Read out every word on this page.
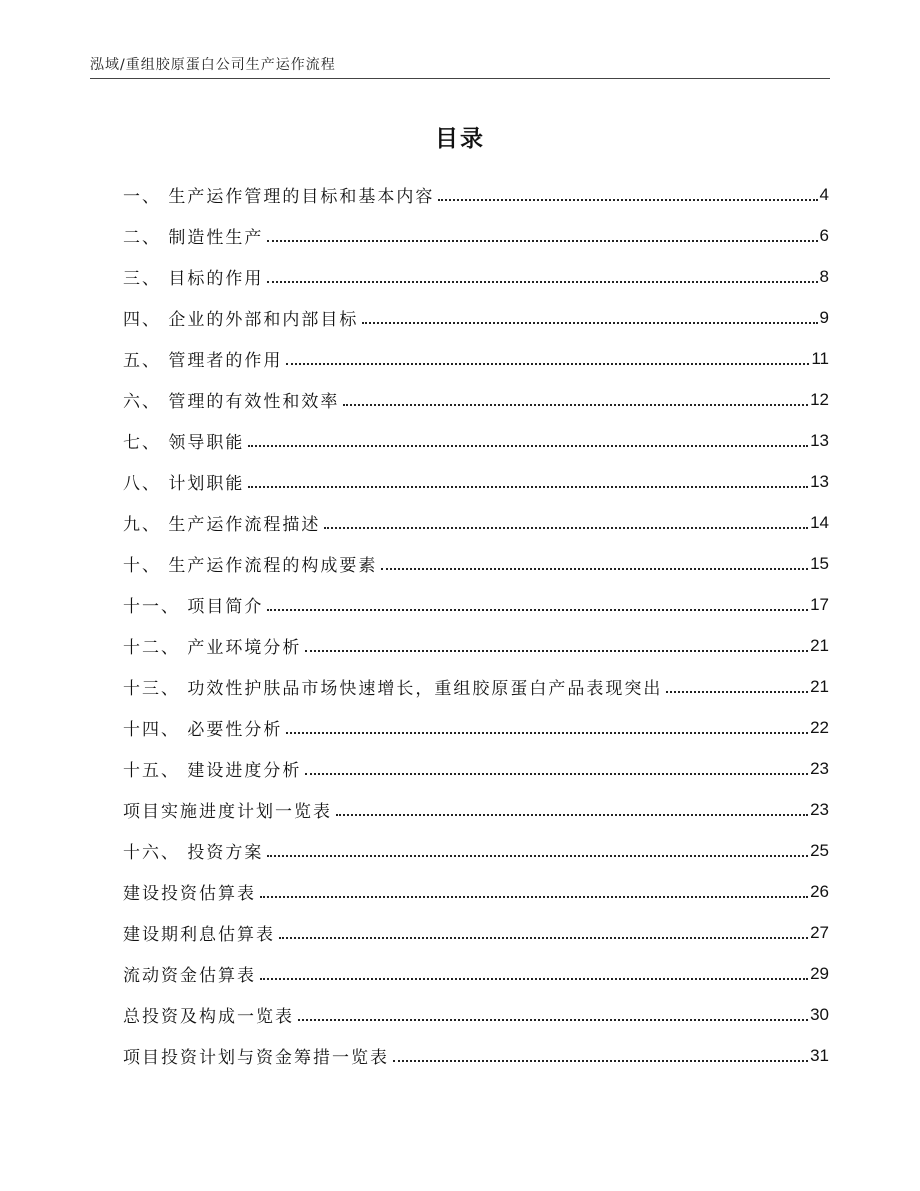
泓域/重组胶原蛋白公司生产运作流程
目录
一、 生产运作管理的目标和基本内容	4
二、 制造性生产	6
三、 目标的作用	8
四、 企业的外部和内部目标	9
五、 管理者的作用	11
六、 管理的有效性和效率	12
七、 领导职能	13
八、 计划职能	13
九、 生产运作流程描述	14
十、 生产运作流程的构成要素	15
十一、 项目简介	17
十二、 产业环境分析	21
十三、 功效性护肤品市场快速增长，重组胶原蛋白产品表现突出	21
十四、 必要性分析	22
十五、 建设进度分析	23
项目实施进度计划一览表	23
十六、 投资方案	25
建设投资估算表	26
建设期利息估算表	27
流动资金估算表	29
总投资及构成一览表	30
项目投资计划与资金筹措一览表	31
